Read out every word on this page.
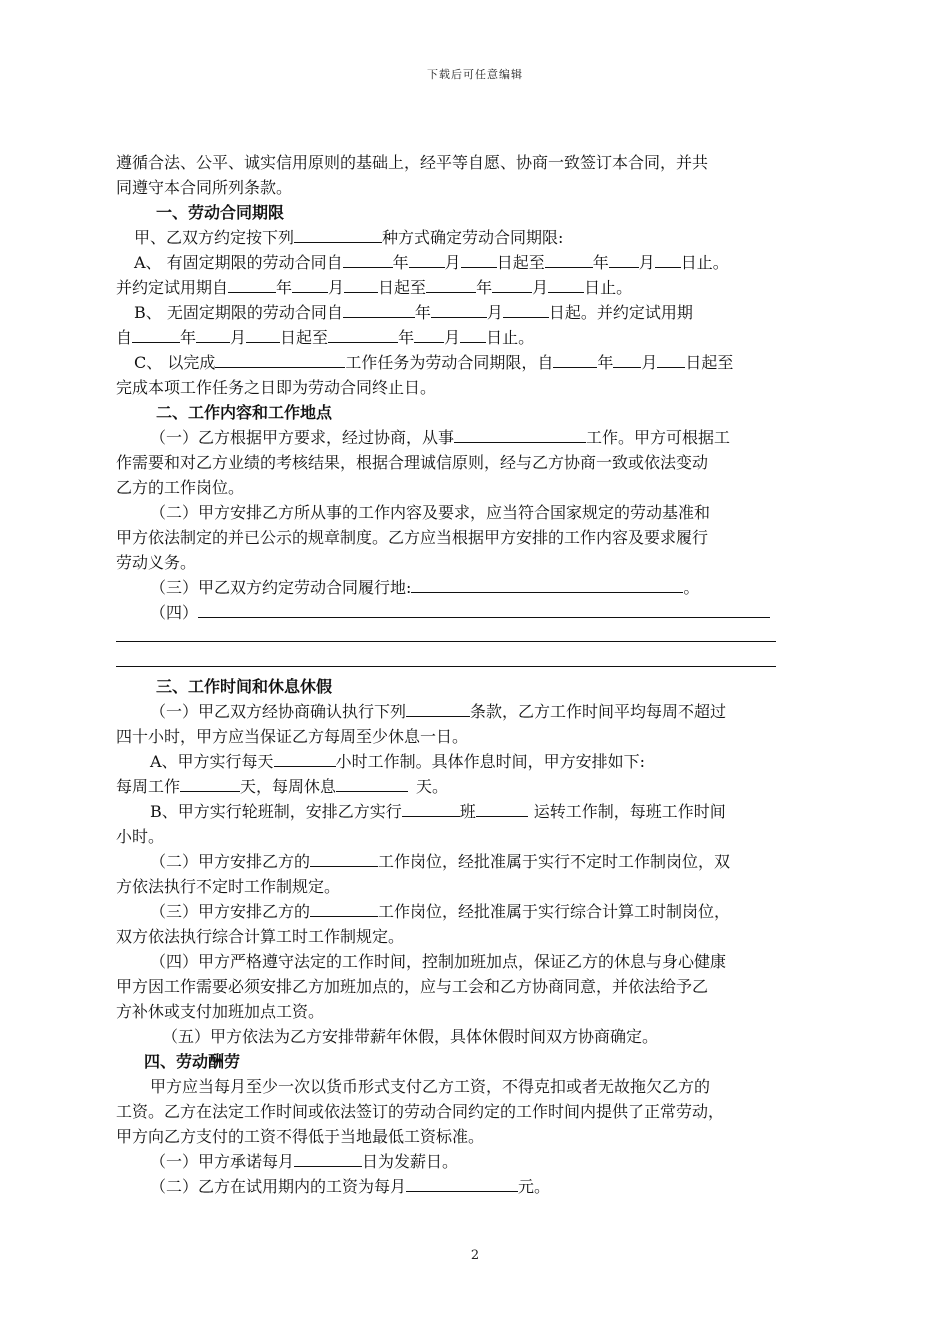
下载后可任意编辑
遵循合法、公平、诚实信用原则的基础上，经平等自愿、协商一致签订本合同，并共
同遵守本合同所列条款。
一、劳动合同期限
甲、乙双方约定按下列	种方式确定劳动合同期限:
A、 有固定期限的劳动合同自	年 月 日起至	年 月 日止。
并约定试用期自	年 月 日起至	年	月 日止。
B、 无固定期限的劳动合同自	年	月	日起。并约定试用期
自	年 月 日起至	年 月 日止。
C、 以完成	工作任务为劳动合同期限，自	年 月 日起至
完成本项工作任务之日即为劳动合同终止日。
二、工作内容和工作地点
（一）乙方根据甲方要求，经过协商，从事	工作。甲方可根据工
作需要和对乙方业绩的考核结果，根据合理诚信原则，经与乙方协商一致或依法变动
乙方的工作岗位。
（二）甲方安排乙方所从事的工作内容及要求，应当符合国家规定的劳动基准和
甲方依法制定的并已公示的规章制度。乙方应当根据甲方安排的工作内容及要求履行
劳动义务。
（三）甲乙双方约定劳动合同履行地:	。
（四）
三、工作时间和休息休假
（一）甲乙双方经协商确认执行下列	条款，乙方工作时间平均每周不超过
四十小时，甲方应当保证乙方每周至少休息一日。
A、甲方实行每天	小时工作制。具体作息时间，甲方安排如下:
每周工作	天，每周休息	天。
B、甲方实行轮班制，安排乙方实行	班	运转工作制，每班工作时间
小时。
（二）甲方安排乙方的	工作岗位，经批准属于实行不定时工作制岗位，双
方依法执行不定时工作制规定。
（三）甲方安排乙方的	工作岗位，经批准属于实行综合计算工时制岗位，
双方依法执行综合计算工时工作制规定。
（四）甲方严格遵守法定的工作时间，控制加班加点，保证乙方的休息与身心健康
甲方因工作需要必须安排乙方加班加点的，应与工会和乙方协商同意，并依法给予乙
方补休或支付加班加点工资。
（五）甲方依法为乙方安排带薪年休假，具体休假时间双方协商确定。
四、劳动酬劳
甲方应当每月至少一次以货币形式支付乙方工资，不得克扣或者无故拖欠乙方的
工资。乙方在法定工作时间或依法签订的劳动合同约定的工作时间内提供了正常劳动，
甲方向乙方支付的工资不得低于当地最低工资标准。
（一）甲方承诺每月	日为发薪日。
（二）乙方在试用期内的工资为每月	元。
2
